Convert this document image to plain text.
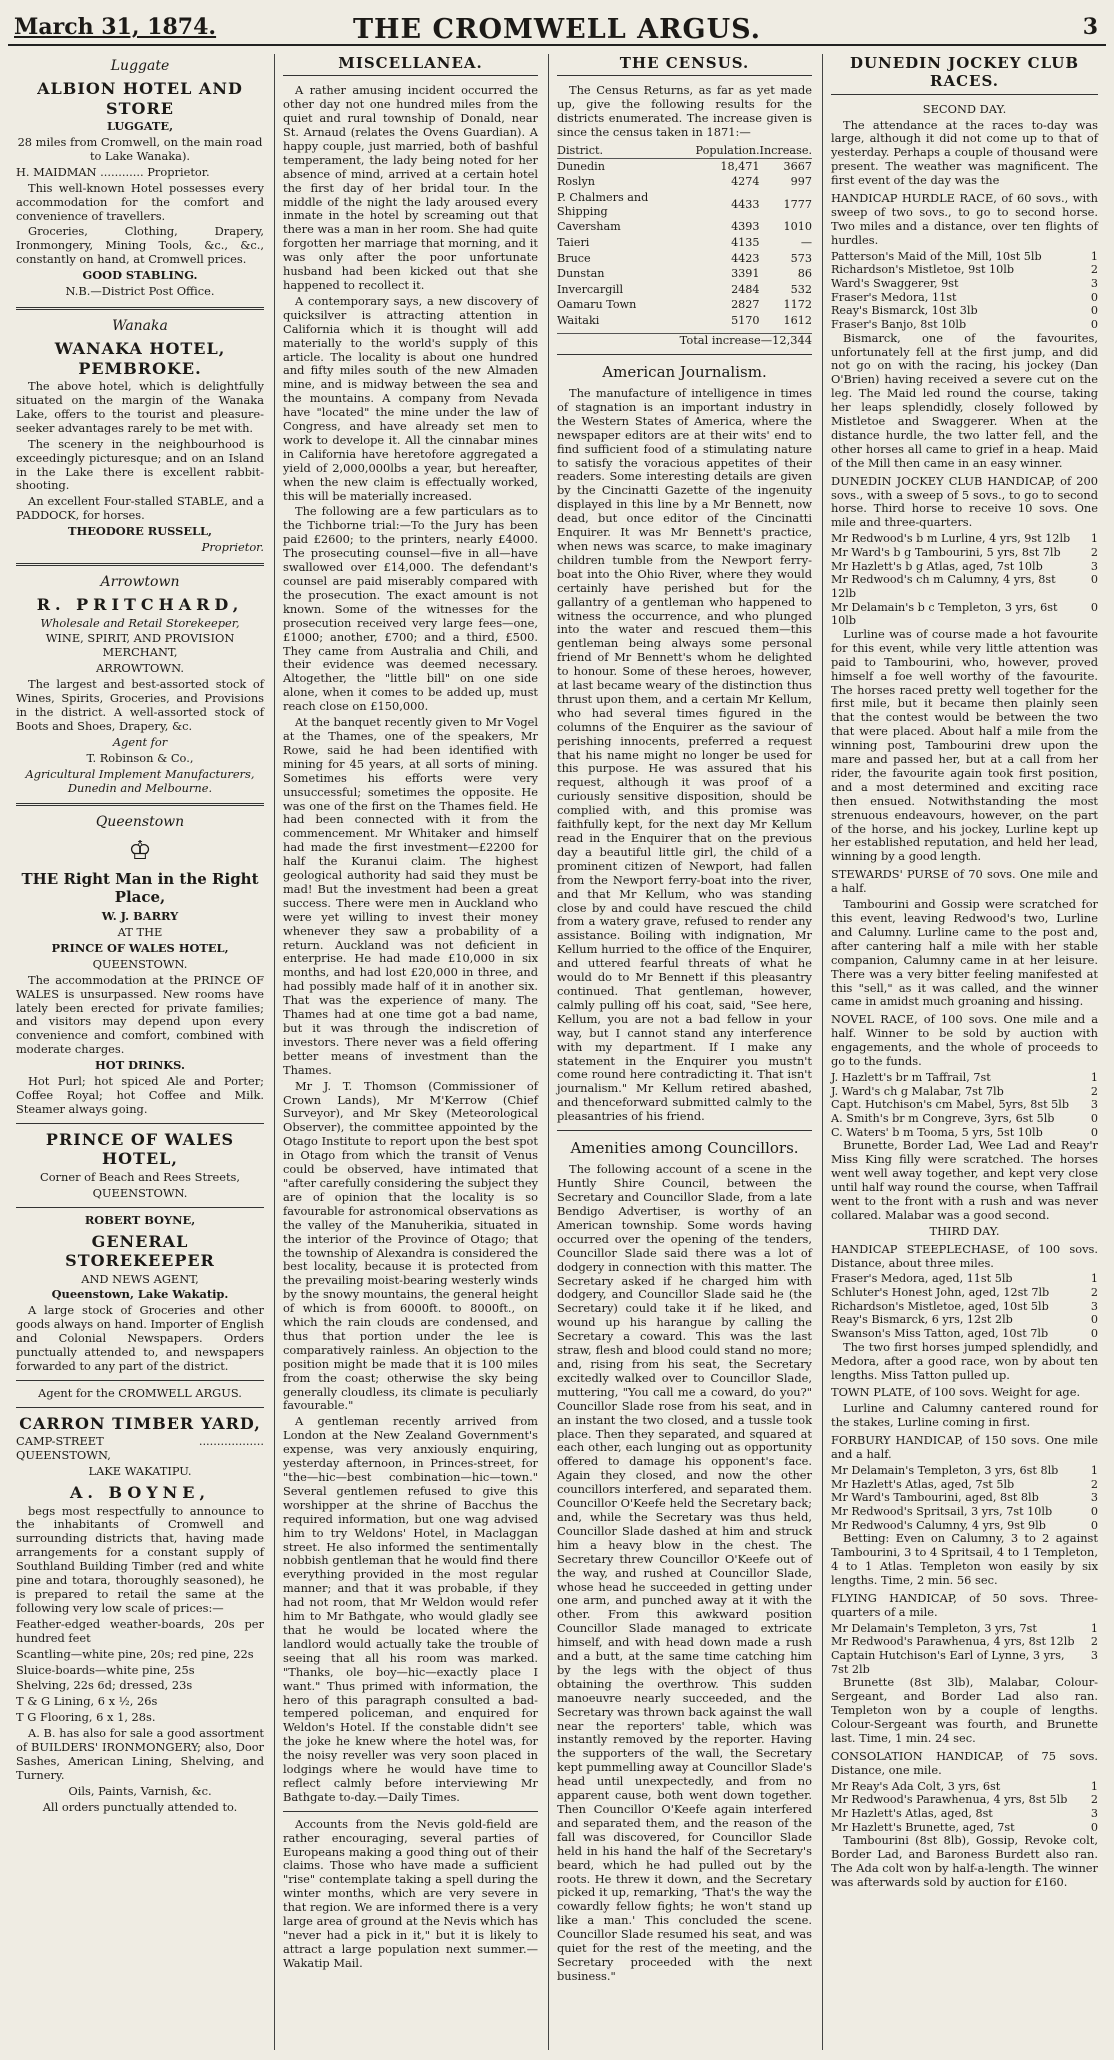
March 31, 1874.	THE CROMWELL ARGUS.	3
Luggate
ALBION HOTEL AND STORE

LUGGATE,

28 miles from Cromwell, on the main road to Lake Wanaka).

H. MAIDMAN ............ Proprietor.

This well-known Hotel possesses every accommodation for the comfort and convenience of travellers.

Groceries, Clothing, Drapery, Ironmongery, Mining Tools, &c., &c., constantly on hand, at Cromwell prices.

GOOD STABLING.

N.B.—District Post Office.

Wanaka
WANAKA HOTEL, PEMBROKE.

The above hotel, which is delightfully situated on the margin of the Wanaka Lake, offers to the tourist and pleasure-seeker advantages rarely to be met with.

The scenery in the neighbourhood is exceedingly picturesque; and on an Island in the Lake there is excellent rabbit-shooting.

An excellent Four-stalled STABLE, and a PADDOCK, for horses.

THEODORE RUSSELL,

Proprietor.

Arrowtown
R. PRITCHARD,

Wholesale and Retail Storekeeper,

WINE, SPIRIT, AND PROVISION MERCHANT,

ARROWTOWN.

The largest and best-assorted stock of Wines, Spirits, Groceries, and Provisions in the district. A well-assorted stock of Boots and Shoes, Drapery, &c.

Agent for

T. Robinson & Co.,

Agricultural Implement Manufacturers, Dunedin and Melbourne.

Queenstown
♔
THE Right Man in the Right Place,

W. J. BARRY

AT THE

PRINCE OF WALES HOTEL,

QUEENSTOWN.

The accommodation at the PRINCE OF WALES is unsurpassed. New rooms have lately been erected for private families; and visitors may depend upon every convenience and comfort, combined with moderate charges.

HOT DRINKS.

Hot Purl; hot spiced Ale and Porter; Coffee Royal; hot Coffee and Milk. Steamer always going.

PRINCE OF WALES HOTEL,

Corner of Beach and Rees Streets,

QUEENSTOWN.

ROBERT BOYNE,

GENERAL STOREKEEPER

AND NEWS AGENT,

Queenstown, Lake Wakatip.

A large stock of Groceries and other goods always on hand. Importer of English and Colonial Newspapers. Orders punctually attended to, and newspapers forwarded to any part of the district.

Agent for the CROMWELL ARGUS.

CARRON TIMBER YARD,

CAMP-STREET .................. QUEENSTOWN,

LAKE WAKATIPU.

A. BOYNE,

begs most respectfully to announce to the inhabitants of Cromwell and surrounding districts that, having made arrangements for a constant supply of Southland Building Timber (red and white pine and totara, thoroughly seasoned), he is prepared to retail the same at the following very low scale of prices:—

Feather-edged weather-boards, 20s per hundred feet

Scantling—white pine, 20s; red pine, 22s

Sluice-boards—white pine, 25s

Shelving, 22s 6d; dressed, 23s

T & G Lining, 6 x ½, 26s

T G Flooring, 6 x 1, 28s.

A. B. has also for sale a good assortment of BUILDERS' IRONMONGERY; also, Door Sashes, American Lining, Shelving, and Turnery.

Oils, Paints, Varnish, &c.

All orders punctually attended to.

MISCELLANEA.

A rather amusing incident occurred the other day not one hundred miles from the quiet and rural township of Donald, near St. Arnaud (relates the Ovens Guardian). A happy couple, just married, both of bashful temperament, the lady being noted for her absence of mind, arrived at a certain hotel the first day of her bridal tour. In the middle of the night the lady aroused every inmate in the hotel by screaming out that there was a man in her room. She had quite forgotten her marriage that morning, and it was only after the poor unfortunate husband had been kicked out that she happened to recollect it.

A contemporary says, a new discovery of quicksilver is attracting attention in California which it is thought will add materially to the world's supply of this article. The locality is about one hundred and fifty miles south of the new Almaden mine, and is midway between the sea and the mountains. A company from Nevada have "located" the mine under the law of Congress, and have already set men to work to develope it. All the cinnabar mines in California have heretofore aggregated a yield of 2,000,000lbs a year, but hereafter, when the new claim is effectually worked, this will be materially increased.

The following are a few particulars as to the Tichborne trial:—To the Jury has been paid £2600; to the printers, nearly £4000. The prosecuting counsel—five in all—have swallowed over £14,000. The defendant's counsel are paid miserably compared with the prosecution. The exact amount is not known. Some of the witnesses for the prosecution received very large fees—one, £1000; another, £700; and a third, £500. They came from Australia and Chili, and their evidence was deemed necessary. Altogether, the "little bill" on one side alone, when it comes to be added up, must reach close on £150,000.

At the banquet recently given to Mr Vogel at the Thames, one of the speakers, Mr Rowe, said he had been identified with mining for 45 years, at all sorts of mining. Sometimes his efforts were very unsuccessful; sometimes the opposite. He was one of the first on the Thames field. He had been connected with it from the commencement. Mr Whitaker and himself had made the first investment—£2200 for half the Kuranui claim. The highest geological authority had said they must be mad! But the investment had been a great success. There were men in Auckland who were yet willing to invest their money whenever they saw a probability of a return. Auckland was not deficient in enterprise. He had made £10,000 in six months, and had lost £20,000 in three, and had possibly made half of it in another six. That was the experience of many. The Thames had at one time got a bad name, but it was through the indiscretion of investors. There never was a field offering better means of investment than the Thames.

Mr J. T. Thomson (Commissioner of Crown Lands), Mr M'Kerrow (Chief Surveyor), and Mr Skey (Meteorological Observer), the committee appointed by the Otago Institute to report upon the best spot in Otago from which the transit of Venus could be observed, have intimated that "after carefully considering the subject they are of opinion that the locality is so favourable for astronomical observations as the valley of the Manuherikia, situated in the interior of the Province of Otago; that the township of Alexandra is considered the best locality, because it is protected from the prevailing moist-bearing westerly winds by the snowy mountains, the general height of which is from 6000ft. to 8000ft., on which the rain clouds are condensed, and thus that portion under the lee is comparatively rainless. An objection to the position might be made that it is 100 miles from the coast; otherwise the sky being generally cloudless, its climate is peculiarly favourable."

A gentleman recently arrived from London at the New Zealand Government's expense, was very anxiously enquiring, yesterday afternoon, in Princes-street, for "the—hic—best combination—hic—town." Several gentlemen refused to give this worshipper at the shrine of Bacchus the required information, but one wag advised him to try Weldons' Hotel, in Maclaggan street. He also informed the sentimentally nobbish gentleman that he would find there everything provided in the most regular manner; and that it was probable, if they had not room, that Mr Weldon would refer him to Mr Bathgate, who would gladly see that he would be located where the landlord would actually take the trouble of seeing that all his room was marked. "Thanks, ole boy—hic—exactly place I want." Thus primed with information, the hero of this paragraph consulted a bad-tempered policeman, and enquired for Weldon's Hotel. If the constable didn't see the joke he knew where the hotel was, for the noisy reveller was very soon placed in lodgings where he would have time to reflect calmly before interviewing Mr Bathgate to-day.—Daily Times.

Accounts from the Nevis gold-field are rather encouraging, several parties of Europeans making a good thing out of their claims. Those who have made a sufficient "rise" contemplate taking a spell during the winter months, which are very severe in that region. We are informed there is a very large area of ground at the Nevis which has "never had a pick in it," but it is likely to attract a large population next summer.—Wakatip Mail.

THE CENSUS.

The Census Returns, as far as yet made up, give the following results for the districts enumerated. The increase given is since the census taken in 1871:—

District.	Population.	Increase.
Dunedin	18,471	3667
Roslyn	4274	997
P. Chalmers and Shipping	4433	1777
Caversham	4393	1010
Taieri	4135	—
Bruce	4423	573
Dunstan	3391	86
Invercargill	2484	532
Oamaru Town	2827	1172
Waitaki	5170	1612
Total increase—12,344
American Journalism.

The manufacture of intelligence in times of stagnation is an important industry in the Western States of America, where the newspaper editors are at their wits' end to find sufficient food of a stimulating nature to satisfy the voracious appetites of their readers. Some interesting details are given by the Cincinatti Gazette of the ingenuity displayed in this line by a Mr Bennett, now dead, but once editor of the Cincinatti Enquirer. It was Mr Bennett's practice, when news was scarce, to make imaginary children tumble from the Newport ferry-boat into the Ohio River, where they would certainly have perished but for the gallantry of a gentleman who happened to witness the occurrence, and who plunged into the water and rescued them—this gentleman being always some personal friend of Mr Bennett's whom he delighted to honour. Some of these heroes, however, at last became weary of the distinction thus thrust upon them, and a certain Mr Kellum, who had several times figured in the columns of the Enquirer as the saviour of perishing innocents, preferred a request that his name might no longer be used for this purpose. He was assured that his request, although it was proof of a curiously sensitive disposition, should be complied with, and this promise was faithfully kept, for the next day Mr Kellum read in the Enquirer that on the previous day a beautiful little girl, the child of a prominent citizen of Newport, had fallen from the Newport ferry-boat into the river, and that Mr Kellum, who was standing close by and could have rescued the child from a watery grave, refused to render any assistance. Boiling with indignation, Mr Kellum hurried to the office of the Enquirer, and uttered fearful threats of what he would do to Mr Bennett if this pleasantry continued. That gentleman, however, calmly pulling off his coat, said, "See here, Kellum, you are not a bad fellow in your way, but I cannot stand any interference with my department. If I make any statement in the Enquirer you mustn't come round here contradicting it. That isn't journalism." Mr Kellum retired abashed, and thenceforward submitted calmly to the pleasantries of his friend.

Amenities among Councillors.

The following account of a scene in the Huntly Shire Council, between the Secretary and Councillor Slade, from a late Bendigo Advertiser, is worthy of an American township. Some words having occurred over the opening of the tenders, Councillor Slade said there was a lot of dodgery in connection with this matter. The Secretary asked if he charged him with dodgery, and Councillor Slade said he (the Secretary) could take it if he liked, and wound up his harangue by calling the Secretary a coward. This was the last straw, flesh and blood could stand no more; and, rising from his seat, the Secretary excitedly walked over to Councillor Slade, muttering, "You call me a coward, do you?" Councillor Slade rose from his seat, and in an instant the two closed, and a tussle took place. Then they separated, and squared at each other, each lunging out as opportunity offered to damage his opponent's face. Again they closed, and now the other councillors interfered, and separated them. Councillor O'Keefe held the Secretary back; and, while the Secretary was thus held, Councillor Slade dashed at him and struck him a heavy blow in the chest. The Secretary threw Councillor O'Keefe out of the way, and rushed at Councillor Slade, whose head he succeeded in getting under one arm, and punched away at it with the other. From this awkward position Councillor Slade managed to extricate himself, and with head down made a rush and a butt, at the same time catching him by the legs with the object of thus obtaining the overthrow. This sudden manoeuvre nearly succeeded, and the Secretary was thrown back against the wall near the reporters' table, which was instantly removed by the reporter. Having the supporters of the wall, the Secretary kept pummelling away at Councillor Slade's head until unexpectedly, and from no apparent cause, both went down together. Then Councillor O'Keefe again interfered and separated them, and the reason of the fall was discovered, for Councillor Slade held in his hand the half of the Secretary's beard, which he had pulled out by the roots. He threw it down, and the Secretary picked it up, remarking, 'That's the way the cowardly fellow fights; he won't stand up like a man.' This concluded the scene. Councillor Slade resumed his seat, and was quiet for the rest of the meeting, and the Secretary proceeded with the next business."

DUNEDIN JOCKEY CLUB RACES.

SECOND DAY.

The attendance at the races to-day was large, although it did not come up to that of yesterday. Perhaps a couple of thousand were present. The weather was magnificent. The first event of the day was the

HANDICAP HURDLE RACE, of 60 sovs., with sweep of two sovs., to go to second horse. Two miles and a distance, over ten flights of hurdles.

Patterson's Maid of the Mill, 10st 5lb	1
Richardson's Mistletoe, 9st 10lb	2
Ward's Swaggerer, 9st	3
Fraser's Medora, 11st	0
Reay's Bismarck, 10st 3lb	0
Fraser's Banjo, 8st 10lb	0

Bismarck, one of the favourites, unfortunately fell at the first jump, and did not go on with the racing, his jockey (Dan O'Brien) having received a severe cut on the leg. The Maid led round the course, taking her leaps splendidly, closely followed by Mistletoe and Swaggerer. When at the distance hurdle, the two latter fell, and the other horses all came to grief in a heap. Maid of the Mill then came in an easy winner.

DUNEDIN JOCKEY CLUB HANDICAP, of 200 sovs., with a sweep of 5 sovs., to go to second horse. Third horse to receive 10 sovs. One mile and three-quarters.

Mr Redwood's b m Lurline, 4 yrs, 9st 12lb	1
Mr Ward's b g Tambourini, 5 yrs, 8st 7lb	2
Mr Hazlett's b g Atlas, aged, 7st 10lb	3
Mr Redwood's ch m Calumny, 4 yrs, 8st 12lb
0
Mr Delamain's b c Templeton, 3 yrs, 6st 10lb
0

Lurline was of course made a hot favourite for this event, while very little attention was paid to Tambourini, who, however, proved himself a foe well worthy of the favourite. The horses raced pretty well together for the first mile, but it became then plainly seen that the contest would be between the two that were placed. About half a mile from the winning post, Tambourini drew upon the mare and passed her, but at a call from her rider, the favourite again took first position, and a most determined and exciting race then ensued. Notwithstanding the most strenuous endeavours, however, on the part of the horse, and his jockey, Lurline kept up her established reputation, and held her lead, winning by a good length.

STEWARDS' PURSE of 70 sovs. One mile and a half.

Tambourini and Gossip were scratched for this event, leaving Redwood's two, Lurline and Calumny. Lurline came to the post and, after cantering half a mile with her stable companion, Calumny came in at her leisure. There was a very bitter feeling manifested at this "sell," as it was called, and the winner came in amidst much groaning and hissing.

NOVEL RACE, of 100 sovs. One mile and a half. Winner to be sold by auction with engagements, and the whole of proceeds to go to the funds.

J. Hazlett's br m Taffrail, 7st	1
J. Ward's ch g Malabar, 7st 7lb	2
Capt. Hutchison's cm Mabel, 5yrs, 8st 5lb	3
A. Smith's br m Congreve, 3yrs, 6st 5lb	0
C. Waters' b m Tooma, 5 yrs, 5st 10lb	0

Brunette, Border Lad, Wee Lad and Reay'r Miss King filly were scratched. The horses went well away together, and kept very close until half way round the course, when Taffrail went to the front with a rush and was never collared. Malabar was a good second.

THIRD DAY.

HANDICAP STEEPLECHASE, of 100 sovs. Distance, about three miles.

Fraser's Medora, aged, 11st 5lb	1
Schluter's Honest John, aged, 12st 7lb	2
Richardson's Mistletoe, aged, 10st 5lb	3
Reay's Bismarck, 6 yrs, 12st 2lb	0
Swanson's Miss Tatton, aged, 10st 7lb	0

The two first horses jumped splendidly, and Medora, after a good race, won by about ten lengths. Miss Tatton pulled up.

TOWN PLATE, of 100 sovs. Weight for age.

Lurline and Calumny cantered round for the stakes, Lurline coming in first.

FORBURY HANDICAP, of 150 sovs. One mile and a half.

Mr Delamain's Templeton, 3 yrs, 6st 8lb	1
Mr Hazlett's Atlas, aged, 7st 5lb	2
Mr Ward's Tambourini, aged, 8st 8lb	3
Mr Redwood's Spritsail, 3 yrs, 7st 10lb	0
Mr Redwood's Calumny, 4 yrs, 9st 9lb	0

Betting: Even on Calumny, 3 to 2 against Tambourini, 3 to 4 Spritsail, 4 to 1 Templeton, 4 to 1 Atlas. Templeton won easily by six lengths. Time, 2 min. 56 sec.

FLYING HANDICAP, of 50 sovs. Three-quarters of a mile.

Mr Delamain's Templeton, 3 yrs, 7st	1
Mr Redwood's Parawhenua, 4 yrs, 8st 12lb	2
Captain Hutchison's Earl of Lynne, 3 yrs, 7st 2lb
3

Brunette (8st 3lb), Malabar, Colour-Sergeant, and Border Lad also ran. Templeton won by a couple of lengths. Colour-Sergeant was fourth, and Brunette last. Time, 1 min. 24 sec.

CONSOLATION HANDICAP, of 75 sovs. Distance, one mile.

Mr Reay's Ada Colt, 3 yrs, 6st	1
Mr Redwood's Parawhenua, 4 yrs, 8st 5lb	2
Mr Hazlett's Atlas, aged, 8st	3
Mr Hazlett's Brunette, aged, 7st	0

Tambourini (8st 8lb), Gossip, Revoke colt, Border Lad, and Baroness Burdett also ran. The Ada colt won by half-a-length. The winner was afterwards sold by auction for £160.
